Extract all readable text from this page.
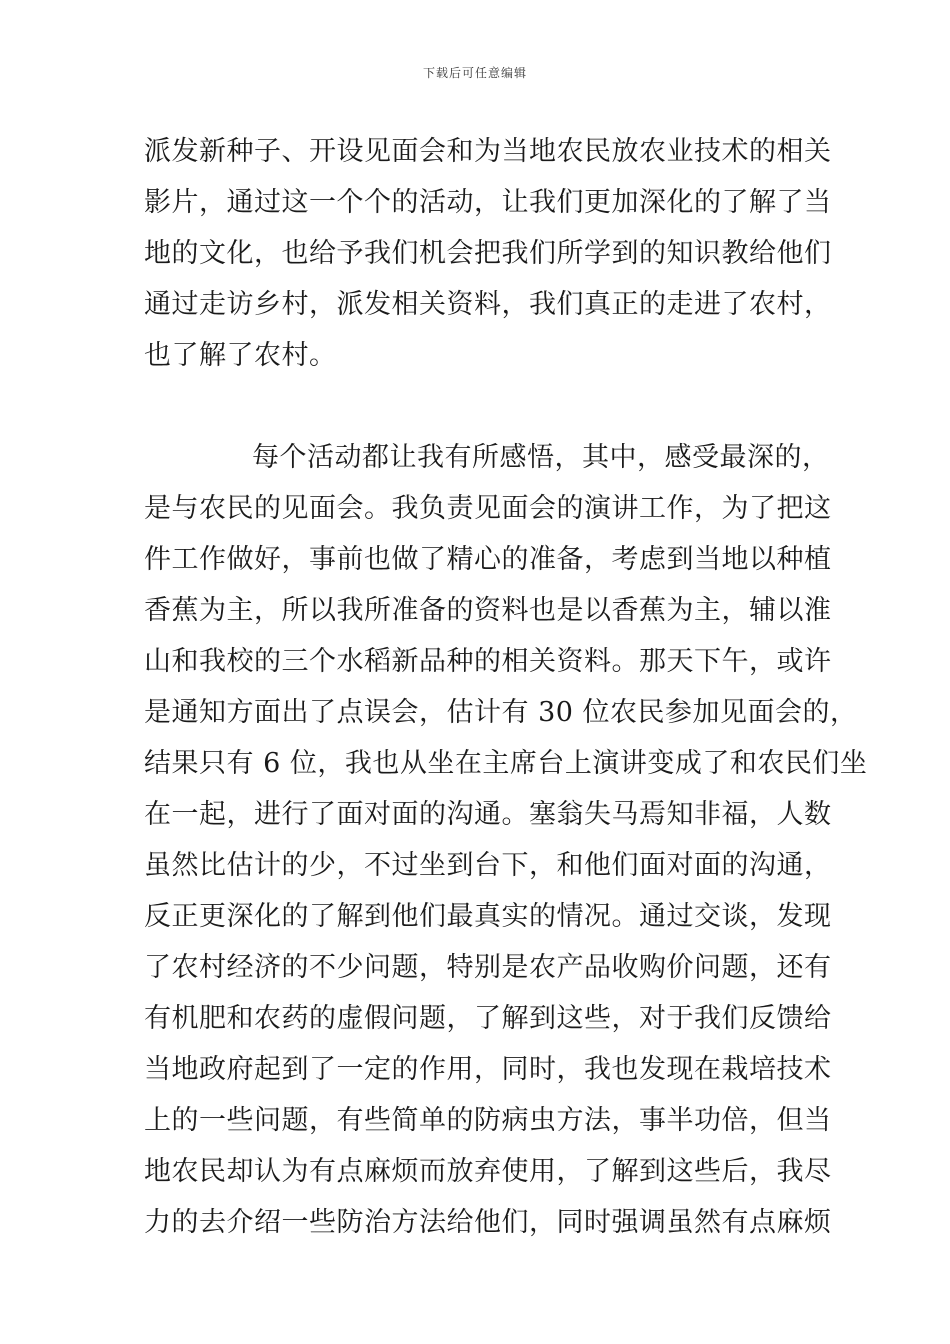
下载后可任意编辑
派发新种子、开设见面会和为当地农民放农业技术的相关
影片，通过这一个个的活动，让我们更加深化的了解了当
地的文化，也给予我们机会把我们所学到的知识教给他们
通过走访乡村，派发相关资料，我们真正的走进了农村，
也了解了农村。
每个活动都让我有所感悟，其中，感受最深的，
是与农民的见面会。我负责见面会的演讲工作，为了把这
件工作做好，事前也做了精心的准备，考虑到当地以种植
香蕉为主，所以我所准备的资料也是以香蕉为主，辅以淮
山和我校的三个水稻新品种的相关资料。那天下午，或许
是通知方面出了点误会，估计有 30 位农民参加见面会的，
结果只有 6 位，我也从坐在主席台上演讲变成了和农民们坐
在一起，进行了面对面的沟通。塞翁失马焉知非福，人数
虽然比估计的少，不过坐到台下，和他们面对面的沟通，
反正更深化的了解到他们最真实的情况。通过交谈，发现
了农村经济的不少问题，特别是农产品收购价问题，还有
有机肥和农药的虚假问题，了解到这些，对于我们反馈给
当地政府起到了一定的作用，同时，我也发现在栽培技术
上的一些问题，有些简单的防病虫方法，事半功倍，但当
地农民却认为有点麻烦而放弃使用，了解到这些后，我尽
力的去介绍一些防治方法给他们，同时强调虽然有点麻烦
